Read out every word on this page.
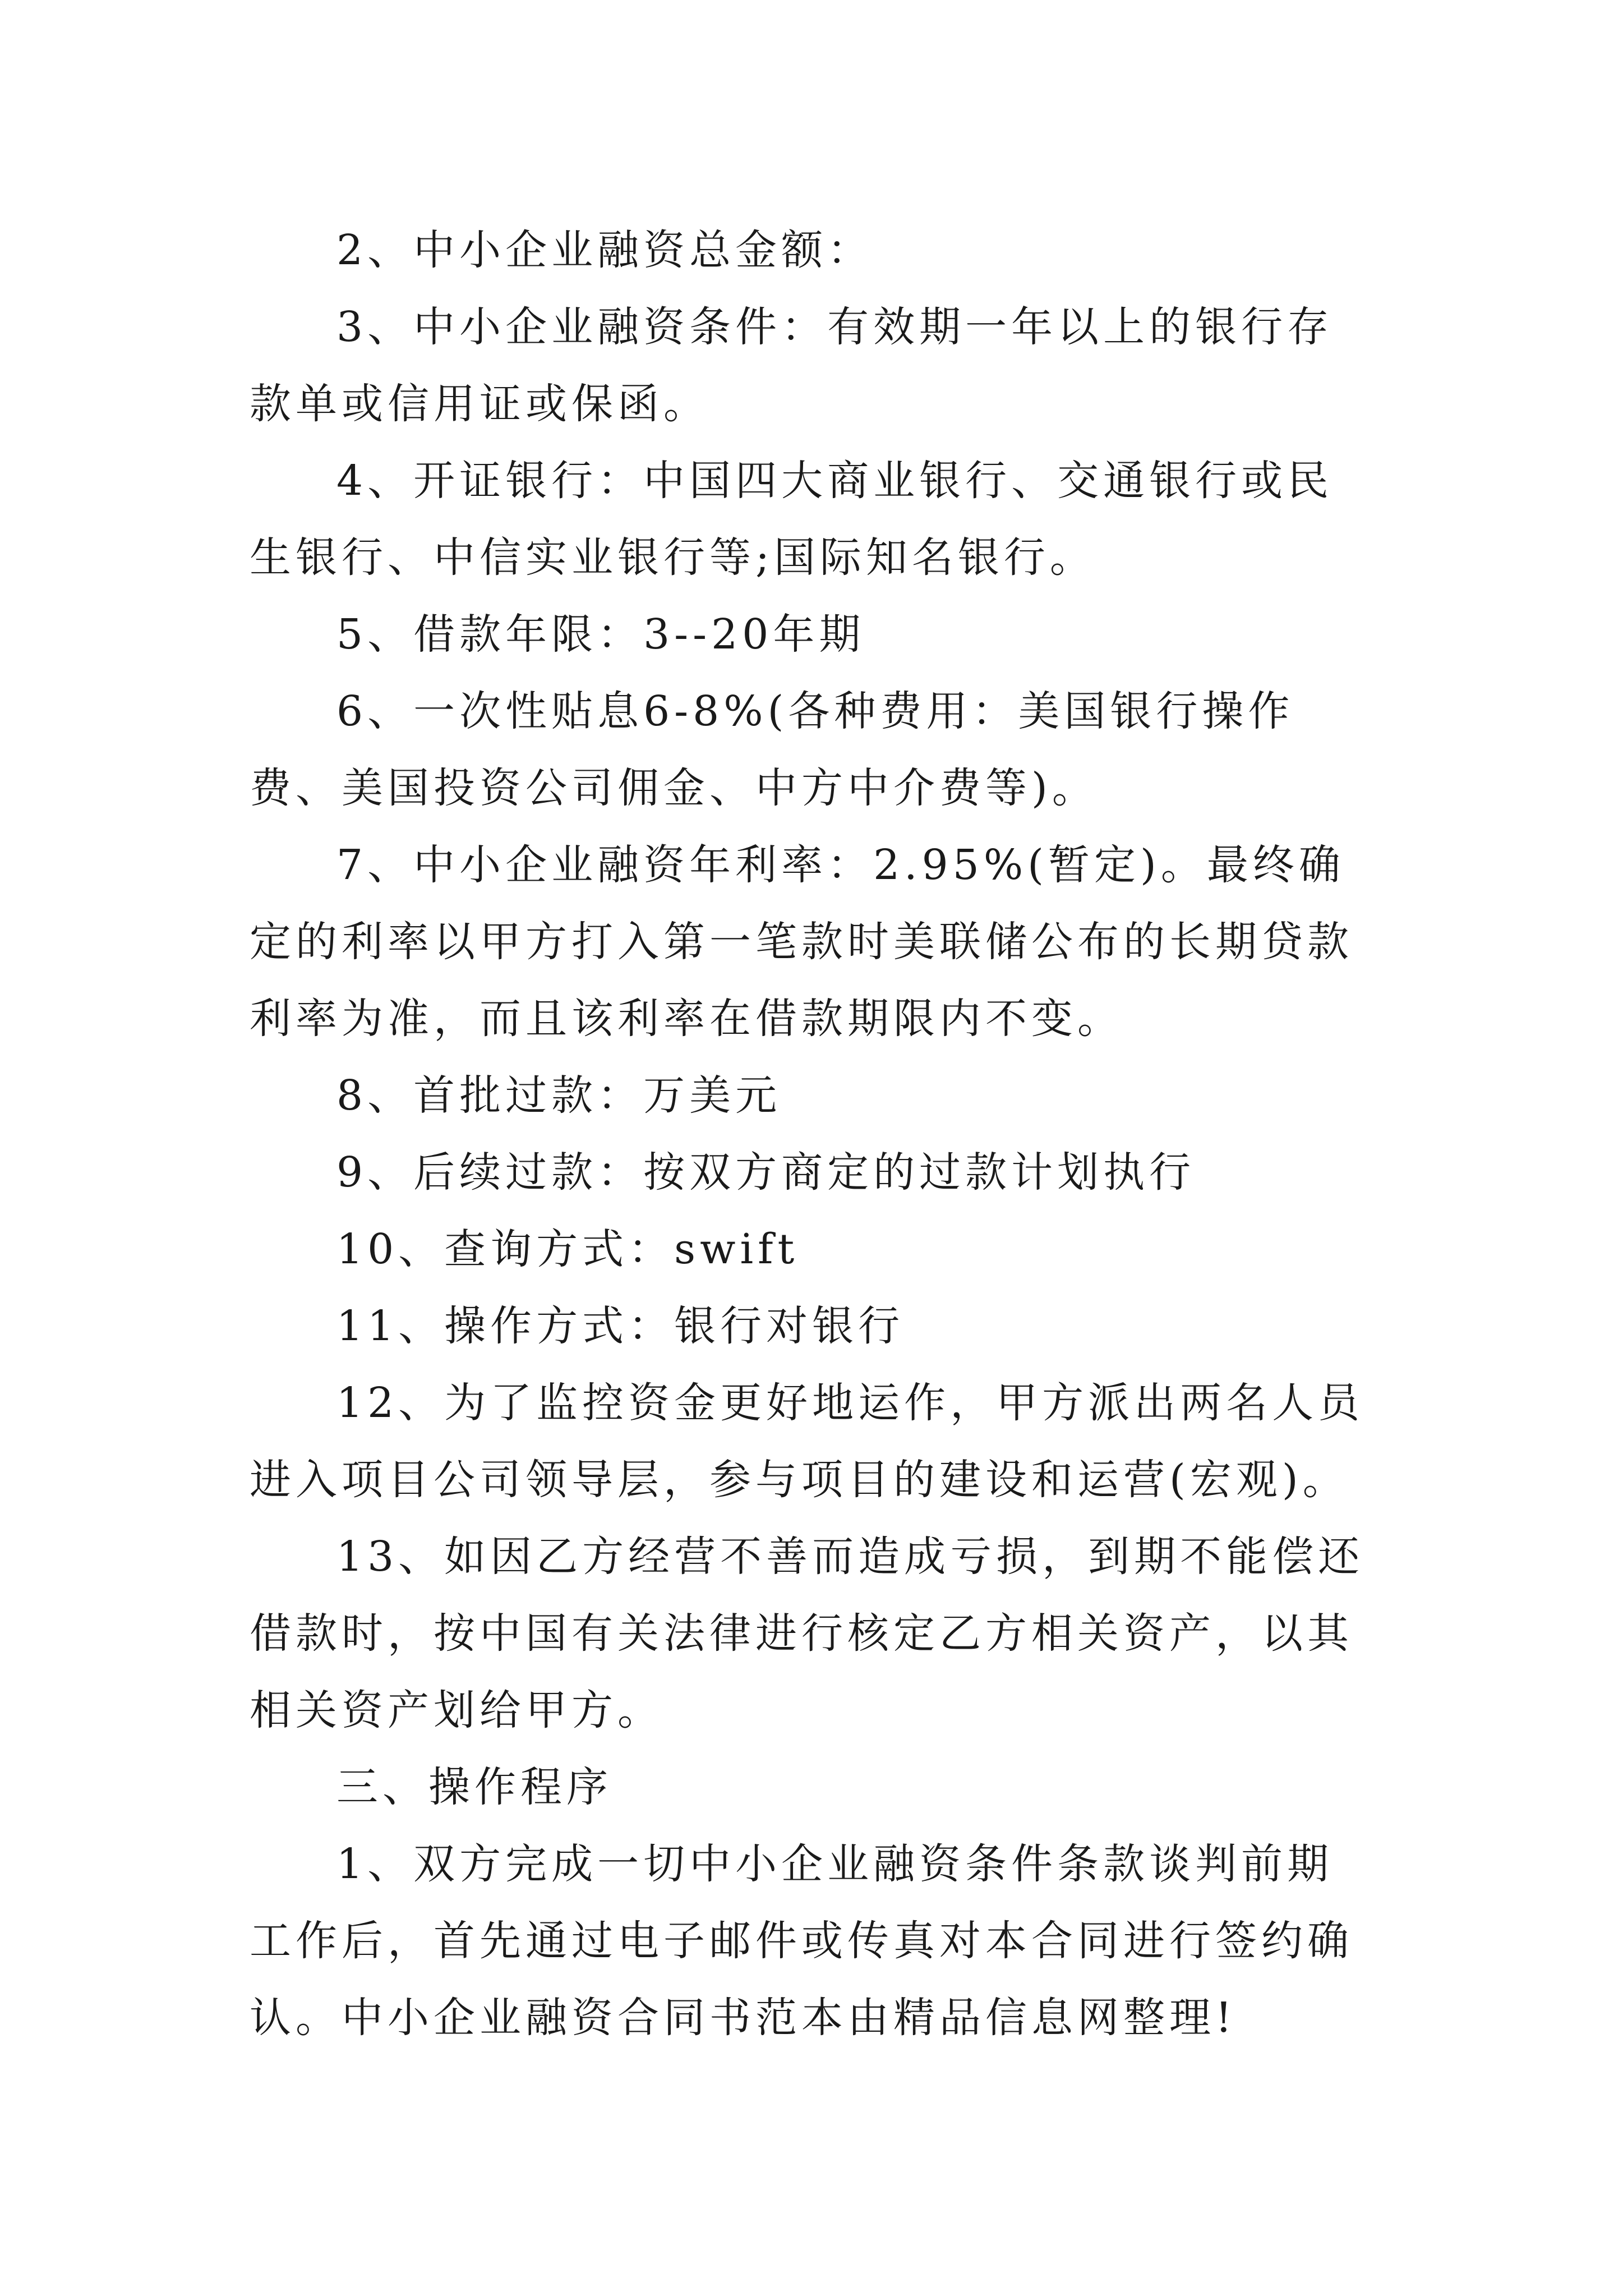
2、中小企业融资总金额：

3、中小企业融资条件：有效期一年以上的银行存款单或信用证或保函。

4、开证银行：中国四大商业银行、交通银行或民生银行、中信实业银行等;国际知名银行。

5、借款年限：3--20年期

6、一次性贴息6-8%(各种费用：美国银行操作费、美国投资公司佣金、中方中介费等)。

7、中小企业融资年利率：2.95%(暂定)。最终确定的利率以甲方打入第一笔款时美联储公布的长期贷款利率为准，而且该利率在借款期限内不变。

8、首批过款：万美元

9、后续过款：按双方商定的过款计划执行

10、查询方式：swift

11、操作方式：银行对银行

12、为了监控资金更好地运作，甲方派出两名人员进入项目公司领导层，参与项目的建设和运营(宏观)。

13、如因乙方经营不善而造成亏损，到期不能偿还借款时，按中国有关法律进行核定乙方相关资产，以其相关资产划给甲方。

三、操作程序

1、双方完成一切中小企业融资条件条款谈判前期工作后，首先通过电子邮件或传真对本合同进行签约确认。中小企业融资合同书范本由精品信息网整理!
